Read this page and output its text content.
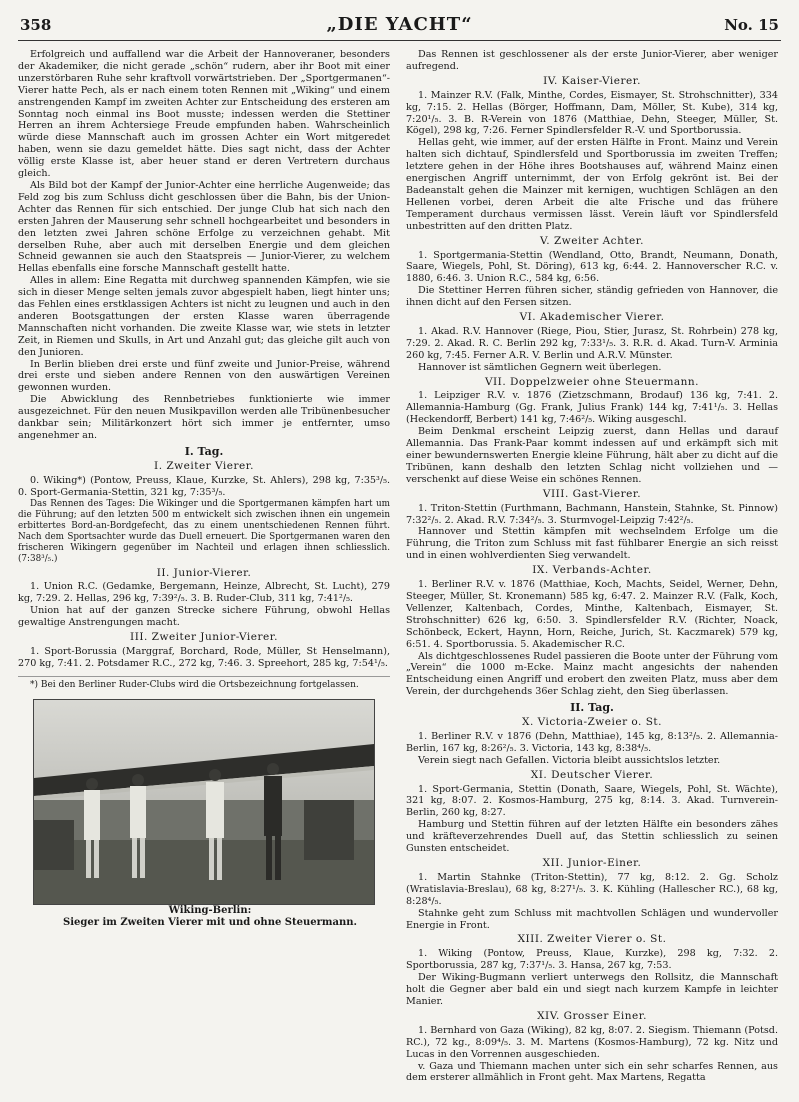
358	„DIE YACHT“	No. 15

Erfolgreich und auffallend war die Arbeit der Hannoveraner, besonders der Akademiker, die nicht gerade „schön“ rudern, aber ihr Boot mit einer unzerstörbaren Ruhe sehr kraftvoll vorwärtstrieben. Der „Sportgermanen“-Vierer hatte Pech, als er nach einem toten Rennen mit „Wiking“ und einem anstrengenden Kampf im zweiten Achter zur Entscheidung des ersteren am Sonntag noch einmal ins Boot musste; indessen werden die Stettiner Herren an ihrem Achtersiege Freude empfunden haben. Wahrscheinlich würde diese Mannschaft auch im grossen Achter ein Wort mitgeredet haben, wenn sie dazu gemeldet hätte. Dies sagt nicht, dass der Achter völlig erste Klasse ist, aber heuer stand er deren Vertretern durchaus gleich.

Als Bild bot der Kampf der Junior-Achter eine herrliche Augenweide; das Feld zog bis zum Schluss dicht geschlossen über die Bahn, bis der Union-Achter das Rennen für sich entschied. Der junge Club hat sich nach den ersten Jahren der Mauserung sehr schnell hochgearbeitet und besonders in den letzten zwei Jahren schöne Erfolge zu verzeichnen gehabt. Mit derselben Ruhe, aber auch mit derselben Energie und dem gleichen Schneid gewannen sie auch den Staatspreis — Junior-Vierer, zu welchem Hellas ebenfalls eine forsche Mannschaft gestellt hatte.

Alles in allem: Eine Regatta mit durchweg spannenden Kämpfen, wie sie sich in dieser Menge selten jemals zuvor abgespielt haben, liegt hinter uns; das Fehlen eines erstklassigen Achters ist nicht zu leugnen und auch in den anderen Bootsgattungen der ersten Klasse waren überragende Mannschaften nicht vorhanden. Die zweite Klasse war, wie stets in letzter Zeit, in Riemen und Skulls, in Art und Anzahl gut; das gleiche gilt auch von den Junioren.

In Berlin blieben drei erste und fünf zweite und Junior-Preise, während drei erste und sieben andere Rennen von den auswärtigen Vereinen gewonnen wurden.

Die Abwicklung des Rennbetriebes funktionierte wie immer ausgezeichnet. Für den neuen Musikpavillon werden alle Tribünenbesucher dankbar sein; Militärkonzert hört sich immer je entfernter, umso angenehmer an.

I. Tag.
I. Zweiter Vierer.

0. Wiking*) (Pontow, Preuss, Klaue, Kurzke, St. Ahlers), 298 kg, 7:35³/₅. 0. Sport-Germania-Stettin, 321 kg, 7:35³/₅.

Das Rennen des Tages: Die Wikinger und die Sportgermanen kämpfen hart um die Führung; auf den letzten 500 m entwickelt sich zwischen ihnen ein ungemein erbittertes Bord-an-Bordgefecht, das zu einem unentschiedenen Rennen führt. Nach dem Sportsachter wurde das Duell erneuert. Die Sportgermanen waren den frischeren Wikingern gegenüber im Nachteil und erlagen ihnen schliesslich. (7:38³/₅.)

II. Junior-Vierer.

1. Union R.C. (Gedamke, Bergemann, Heinze, Albrecht, St. Lucht), 279 kg, 7:29. 2. Hellas, 296 kg, 7:39²/₅. 3. B. Ruder-Club, 311 kg, 7:41²/₅.

Union hat auf der ganzen Strecke sichere Führung, obwohl Hellas gewaltige Anstrengungen macht.

III. Zweiter Junior-Vierer.

1. Sport-Borussia (Marggraf, Borchard, Rode, Müller, St Henselmann), 270 kg, 7:41. 2. Potsdamer R.C., 272 kg, 7:46. 3. Spreehort, 285 kg, 7:54¹/₅.

*) Bei den Berliner Ruder-Clubs wird die Ortsbezeichnung fortgelassen.

Wiking-Berlin:

Sieger im Zweiten Vierer mit und ohne Steuermann.

Das Rennen ist geschlossener als der erste Junior-Vierer, aber weniger aufregend.

IV. Kaiser-Vierer.

1. Mainzer R.V. (Falk, Minthe, Cordes, Eismayer, St. Strohschnitter), 334 kg, 7:15. 2. Hellas (Börger, Hoffmann, Dam, Möller, St. Kube), 314 kg, 7:20¹/₅. 3. B. R-Verein von 1876 (Matthiae, Dehn, Steeger, Müller, St. Kögel), 298 kg, 7:26. Ferner Spindlersfelder R.-V. und Sportborussia.

Hellas geht, wie immer, auf der ersten Hälfte in Front. Mainz und Verein halten sich dichtauf, Spindlersfeld und Sportborussia im zweiten Treffen; letztere gehen in der Höhe ihres Bootshauses auf, während Mainz einen energischen Angriff unternimmt, der von Erfolg gekrönt ist. Bei der Badeanstalt gehen die Mainzer mit kernigen, wuchtigen Schlägen an den Hellenen vorbei, deren Arbeit die alte Frische und das frühere Temperament durchaus vermissen lässt. Verein läuft vor Spindlersfeld unbestritten auf den dritten Platz.

V. Zweiter Achter.

1. Sportgermania-Stettin (Wendland, Otto, Brandt, Neumann, Donath, Saare, Wiegels, Pohl, St. Döring), 613 kg, 6:44. 2. Hannoverscher R.C. v. 1880, 6:46. 3. Union R.C., 584 kg, 6:56.

Die Stettiner Herren führen sicher, ständig gefrieden von Hannover, die ihnen dicht auf den Fersen sitzen.

VI. Akademischer Vierer.

1. Akad. R.V. Hannover (Riege, Piou, Stier, Jurasz, St. Rohrbein) 278 kg, 7:29. 2. Akad. R. C. Berlin 292 kg, 7:33¹/₅. 3. R.R. d. Akad. Turn-V. Arminia 260 kg, 7:45. Ferner A.R. V. Berlin und A.R.V. Münster.

Hannover ist sämtlichen Gegnern weit überlegen.

VII. Doppelzweier ohne Steuermann.

1. Leipziger R.V. v. 1876 (Zietzschmann, Brodauf) 136 kg, 7:41. 2. Allemannia-Hamburg (Gg. Frank, Julius Frank) 144 kg, 7:41¹/₅. 3. Hellas (Heckendorff, Berbert) 141 kg, 7:46²/₅. Wiking ausgeschl.

Beim Denkmal erscheint Leipzig zuerst, dann Hellas und darauf Allemannia. Das Frank-Paar kommt indessen auf und erkämpft sich mit einer bewundernswerten Energie kleine Führung, hält aber zu dicht auf die Tribünen, kann deshalb den letzten Schlag nicht vollziehen und — verschenkt auf diese Weise ein schönes Rennen.

VIII. Gast-Vierer.

1. Triton-Stettin (Furthmann, Bachmann, Hanstein, Stahnke, St. Pinnow) 7:32²/₅. 2. Akad. R.V. 7:34²/₅. 3. Sturmvogel-Leipzig 7:42²/₅.

Hannover und Stettin kämpfen mit wechselndem Erfolge um die Führung, die Triton zum Schluss mit fast fühlbarer Energie an sich reisst und in einen wohlverdienten Sieg verwandelt.

IX. Verbands-Achter.

1. Berliner R.V. v. 1876 (Matthiae, Koch, Machts, Seidel, Werner, Dehn, Steeger, Müller, St. Kronemann) 585 kg, 6:47. 2. Mainzer R.V. (Falk, Koch, Vellenzer, Kaltenbach, Cordes, Minthe, Kaltenbach, Eismayer, St. Strohschnitter) 626 kg, 6:50. 3. Spindlersfelder R.V. (Richter, Noack, Schönbeck, Eckert, Haynn, Horn, Reiche, Jurich, St. Kaczmarek) 579 kg, 6:51. 4. Sportborussia. 5. Akademischer R.C.

Als dichtgeschlossenes Rudel passieren die Boote unter der Führung vom „Verein“ die 1000 m-Ecke. Mainz macht angesichts der nahenden Entscheidung einen Angriff und erobert den zweiten Platz, muss aber dem Verein, der durchgehends 36er Schlag zieht, den Sieg überlassen.

II. Tag.
X. Victoria-Zweier o. St.

1. Berliner R.V. v 1876 (Dehn, Matthiae), 145 kg, 8:13²/₅. 2. Allemannia-Berlin, 167 kg, 8:26²/₅. 3. Victoria, 143 kg, 8:38⁴/₅.

Verein siegt nach Gefallen. Victoria bleibt aussichtslos letzter.

XI. Deutscher Vierer.

1. Sport-Germania, Stettin (Donath, Saare, Wiegels, Pohl, St. Wächte), 321 kg, 8:07. 2. Kosmos-Hamburg, 275 kg, 8:14. 3. Akad. Turnverein-Berlin, 260 kg, 8:27.

Hamburg und Stettin führen auf der letzten Hälfte ein besonders zähes und kräfteverzehrendes Duell auf, das Stettin schliesslich zu seinen Gunsten entscheidet.

XII. Junior-Einer.

1. Martin Stahnke (Triton-Stettin), 77 kg, 8:12. 2. Gg. Scholz (Wratislavia-Breslau), 68 kg, 8:27¹/₅. 3. K. Kühling (Hallescher RC.), 68 kg, 8:28⁴/₅.

Stahnke geht zum Schluss mit machtvollen Schlägen und wundervoller Energie in Front.

XIII. Zweiter Vierer o. St.

1. Wiking (Pontow, Preuss, Klaue, Kurzke), 298 kg, 7:32. 2. Sportborussia, 287 kg, 7:37¹/₅. 3. Hansa, 267 kg, 7:53.

Der Wiking-Bugmann verliert unterwegs den Rollsitz, die Mannschaft holt die Gegner aber bald ein und siegt nach kurzem Kampfe in leichter Manier.

XIV. Grosser Einer.

1. Bernhard von Gaza (Wiking), 82 kg, 8:07. 2. Siegism. Thiemann (Potsd. RC.), 72 kg., 8:09⁴/₅. 3. M. Martens (Kosmos-Hamburg), 72 kg. Nitz und Lucas in den Vorrennen ausgeschieden.

v. Gaza und Thiemann machen unter sich ein sehr scharfes Rennen, aus dem ersterer allmählich in Front geht. Max Martens, Regatta
